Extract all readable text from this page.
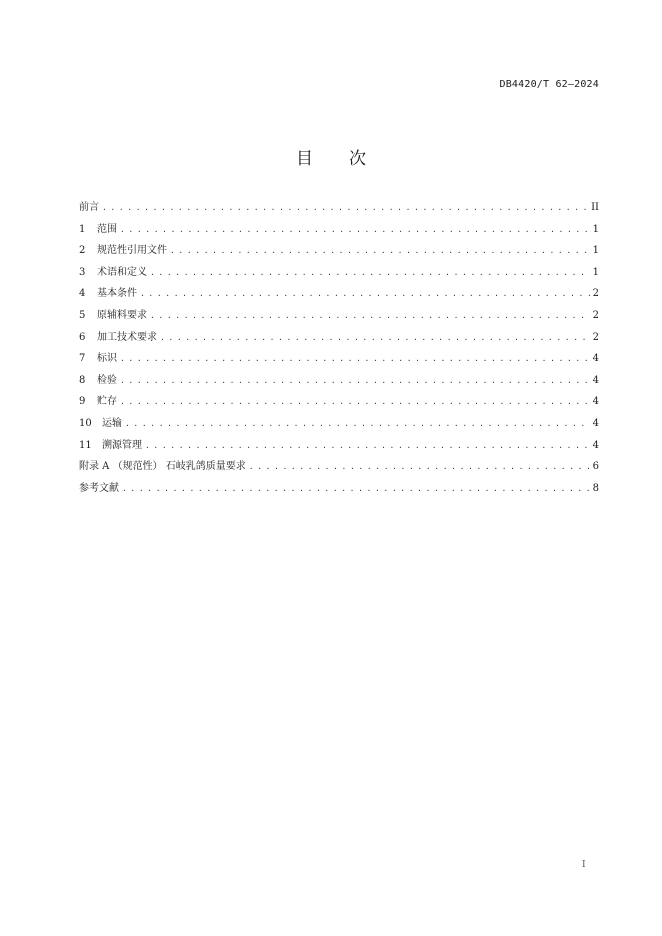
DB4420/T 62—2024
目 次
前言 . . .	II
1	范围 . . .	1
2	规范性引用文件 . . .	1
3	术语和定义 . . .	1
4	基本条件 . . .	2
5	原辅料要求 . . .	2
6	加工技术要求 . . .	2
7	标识 . . .	4
8	检验 . . .	4
9	贮存 . . .	4
10	运输 . . .	4
11	溯源管理 . . .	4
附录 A （规范性） 石岐乳鸽质量要求 . . .	6
参考文献 . . .	8
I
